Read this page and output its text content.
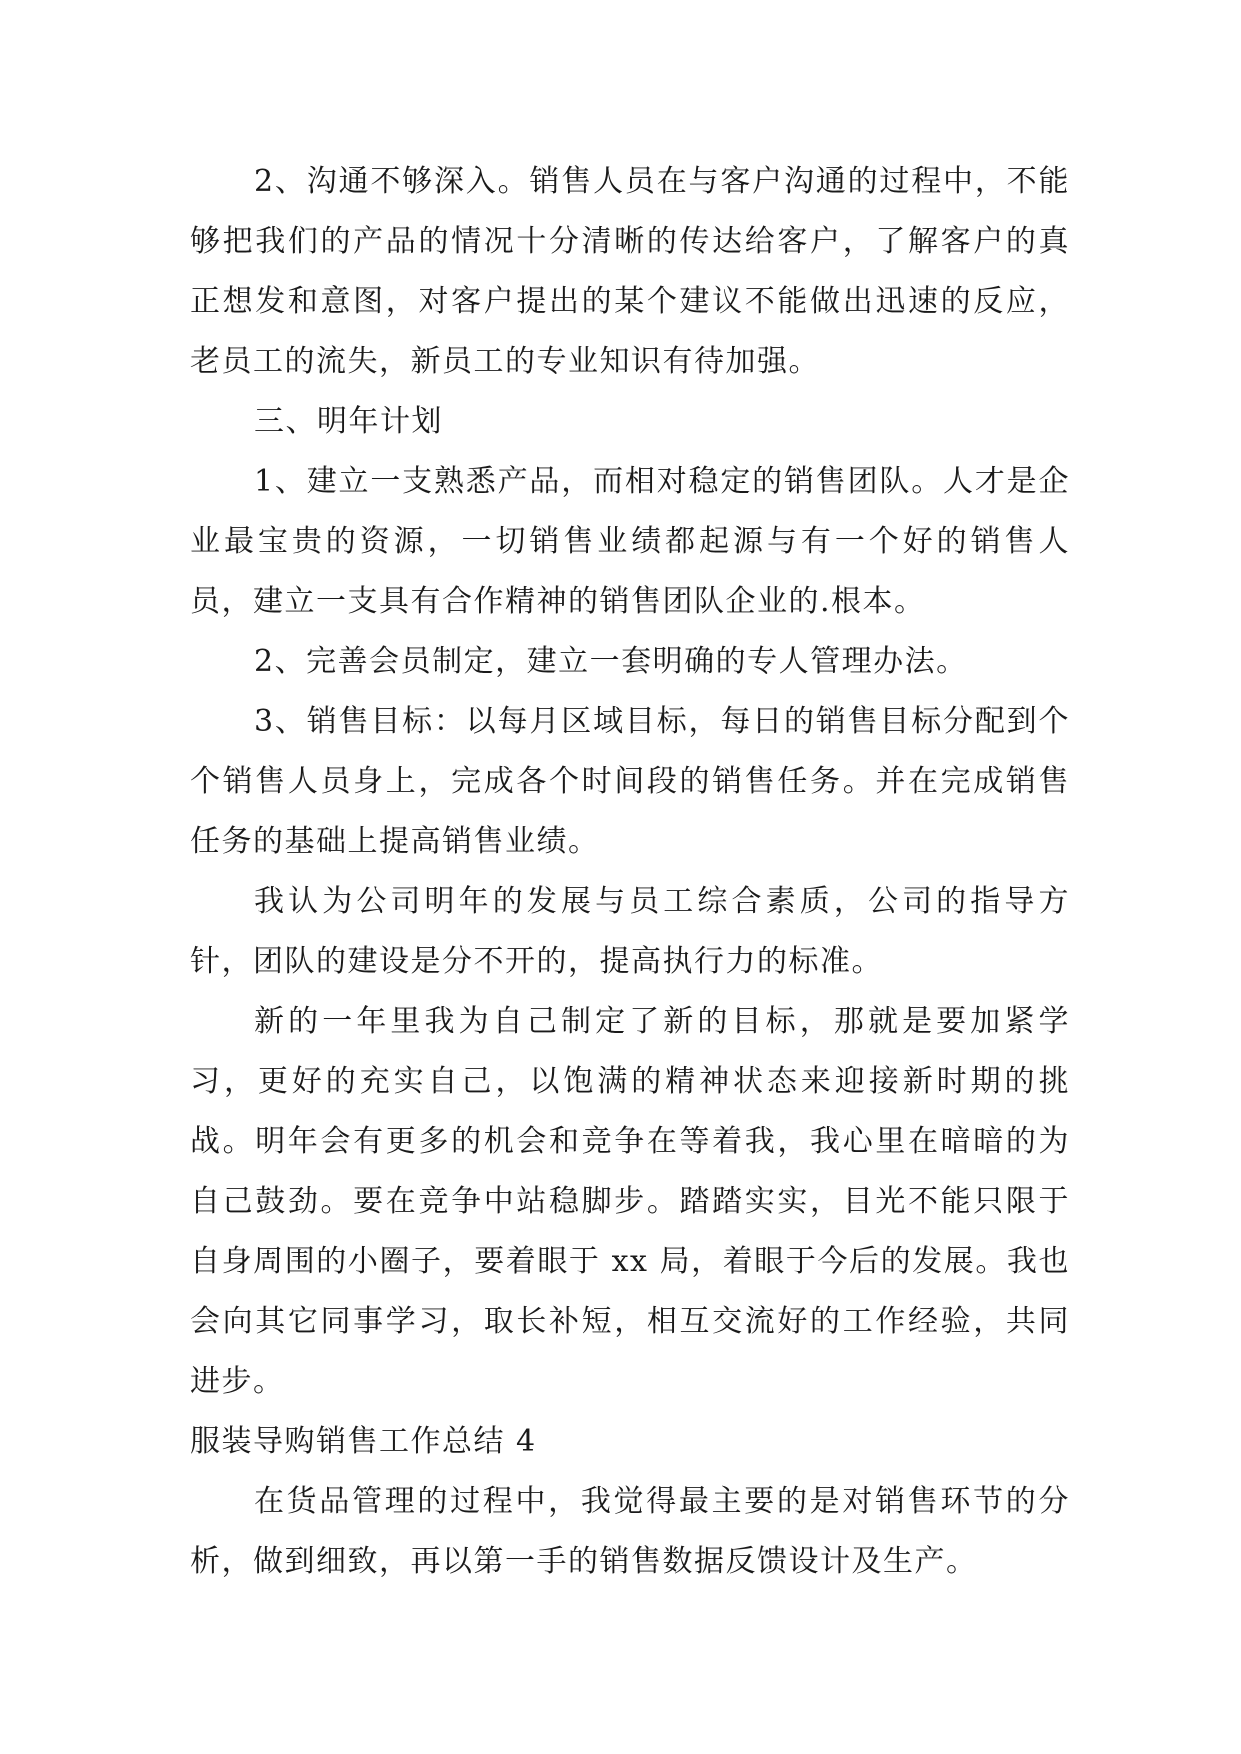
2、沟通不够深入。销售人员在与客户沟通的过程中，不能够把我们的产品的情况十分清晰的传达给客户，了解客户的真正想发和意图，对客户提出的某个建议不能做出迅速的反应，老员工的流失，新员工的专业知识有待加强。

三、明年计划

1、建立一支熟悉产品，而相对稳定的销售团队。人才是企业最宝贵的资源，一切销售业绩都起源与有一个好的销售人员，建立一支具有合作精神的销售团队企业的.根本。

2、完善会员制定，建立一套明确的专人管理办法。

3、销售目标：以每月区域目标，每日的销售目标分配到个个销售人员身上，完成各个时间段的销售任务。并在完成销售任务的基础上提高销售业绩。

我认为公司明年的发展与员工综合素质，公司的指导方针，团队的建设是分不开的，提高执行力的标准。

新的一年里我为自己制定了新的目标，那就是要加紧学习，更好的充实自己，以饱满的精神状态来迎接新时期的挑战。明年会有更多的机会和竞争在等着我，我心里在暗暗的为自己鼓劲。要在竞争中站稳脚步。踏踏实实，目光不能只限于自身周围的小圈子，要着眼于 xx 局，着眼于今后的发展。我也会向其它同事学习，取长补短，相互交流好的工作经验，共同进步。

服装导购销售工作总结 4

在货品管理的过程中，我觉得最主要的是对销售环节的分析，做到细致，再以第一手的销售数据反馈设计及生产。
